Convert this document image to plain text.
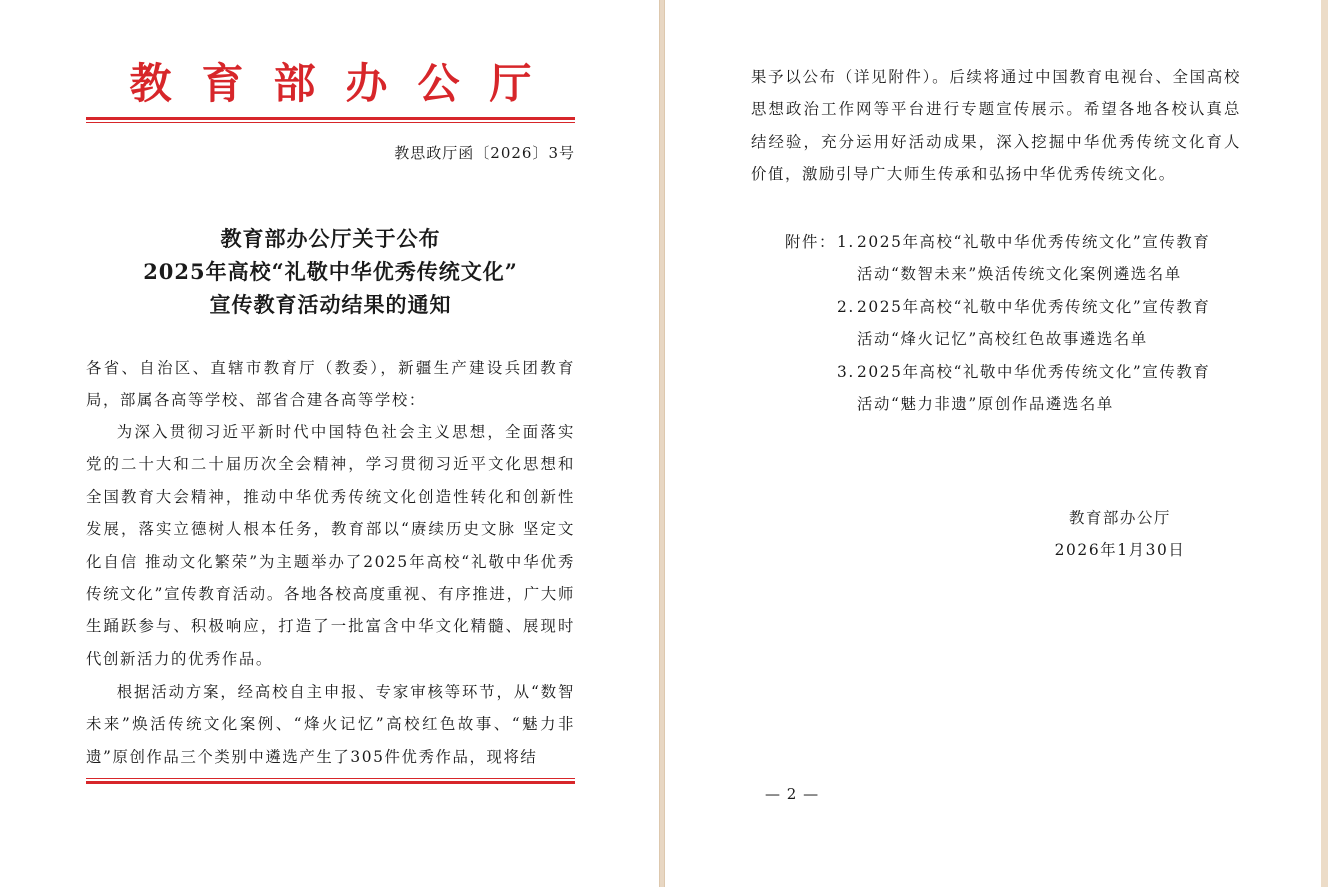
教育部办公厅
教思政厅函〔2026〕3号
教育部办公厅关于公布
2025年高校“礼敬中华优秀传统文化”
宣传教育活动结果的通知

各省、自治区、直辖市教育厅（教委），新疆生产建设兵团教育局，部属各高等学校、部省合建各高等学校：

为深入贯彻习近平新时代中国特色社会主义思想，全面落实党的二十大和二十届历次全会精神，学习贯彻习近平文化思想和全国教育大会精神，推动中华优秀传统文化创造性转化和创新性发展，落实立德树人根本任务，教育部以“赓续历史文脉 坚定文化自信 推动文化繁荣”为主题举办了2025年高校“礼敬中华优秀传统文化”宣传教育活动。各地各校高度重视、有序推进，广大师生踊跃参与、积极响应，打造了一批富含中华文化精髓、展现时代创新活力的优秀作品。

根据活动方案，经高校自主申报、专家审核等环节，从“数智未来”焕活传统文化案例、“烽火记忆”高校红色故事、“魅力非遗”原创作品三个类别中遴选产生了305件优秀作品，现将结

果予以公布（详见附件）。后续将通过中国教育电视台、全国高校思想政治工作网等平台进行专题宣传展示。希望各地各校认真总结经验，充分运用好活动成果，深入挖掘中华优秀传统文化育人价值，激励引导广大师生传承和弘扬中华优秀传统文化。

附件： 1. 2025年高校“礼敬中华优秀传统文化”宣传教育
活动“数智未来”焕活传统文化案例遴选名单
2. 2025年高校“礼敬中华优秀传统文化”宣传教育
活动“烽火记忆”高校红色故事遴选名单
3. 2025年高校“礼敬中华优秀传统文化”宣传教育
活动“魅力非遗”原创作品遴选名单
教育部办公厅
2026年1月30日
— 2 —
